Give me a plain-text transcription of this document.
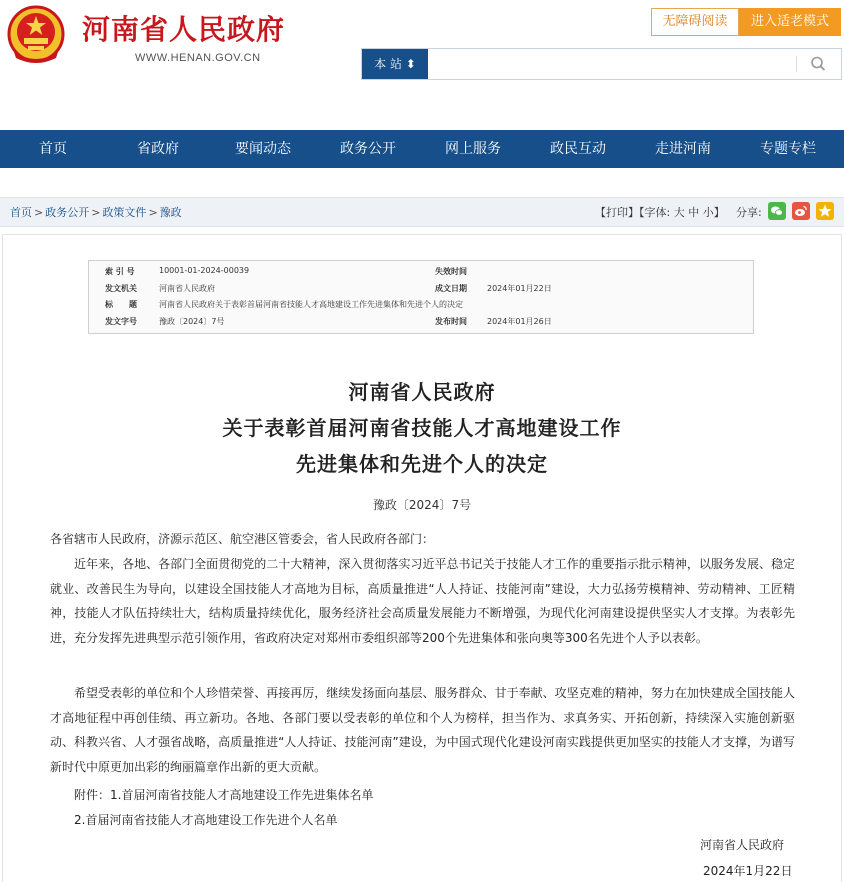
河南省人民政府
WWW.HENAN.GOV.CN
无障碍阅读	进入适老模式
本 站 ⬍
首页	省政府	要闻动态	政务公开	网上服务	政民互动	走进河南	专题专栏
首页 > 政务公开 > 政策文件 > 豫政	【打印】【字体: 大 中 小】 分享:
索 引 号	10001-01-2024-00039	失效时间
发文机关	河南省人民政府	成文日期	2024年01月22日
标　　题	河南省人民政府关于表彰首届河南省技能人才高地建设工作先进集体和先进个人的决定
发文字号	豫政〔2024〕7号	发布时间	2024年01月26日
河南省人民政府
关于表彰首届河南省技能人才高地建设工作
先进集体和先进个人的决定
豫政〔2024〕7号
各省辖市人民政府，济源示范区、航空港区管委会，省人民政府各部门：
近年来，各地、各部门全面贯彻党的二十大精神，深入贯彻落实习近平总书记关于技能人才工作的重要指示批示精神，以服务发展、稳定就业、改善民生为导向，以建设全国技能人才高地为目标，高质量推进“人人持证、技能河南”建设，大力弘扬劳模精神、劳动精神、工匠精神，技能人才队伍持续壮大，结构质量持续优化，服务经济社会高质量发展能力不断增强，为现代化河南建设提供坚实人才支撑。为表彰先进，充分发挥先进典型示范引领作用，省政府决定对郑州市委组织部等200个先进集体和张向奥等300名先进个人予以表彰。
希望受表彰的单位和个人珍惜荣誉、再接再厉，继续发扬面向基层、服务群众、甘于奉献、攻坚克难的精神，努力在加快建成全国技能人才高地征程中再创佳绩、再立新功。各地、各部门要以受表彰的单位和个人为榜样，担当作为、求真务实、开拓创新，持续深入实施创新驱动、科教兴省、人才强省战略，高质量推进“人人持证、技能河南”建设，为中国式现代化建设河南实践提供更加坚实的技能人才支撑，为谱写新时代中原更加出彩的绚丽篇章作出新的更大贡献。
附件：1.首届河南省技能人才高地建设工作先进集体名单
2.首届河南省技能人才高地建设工作先进个人名单
河南省人民政府
2024年1月22日
